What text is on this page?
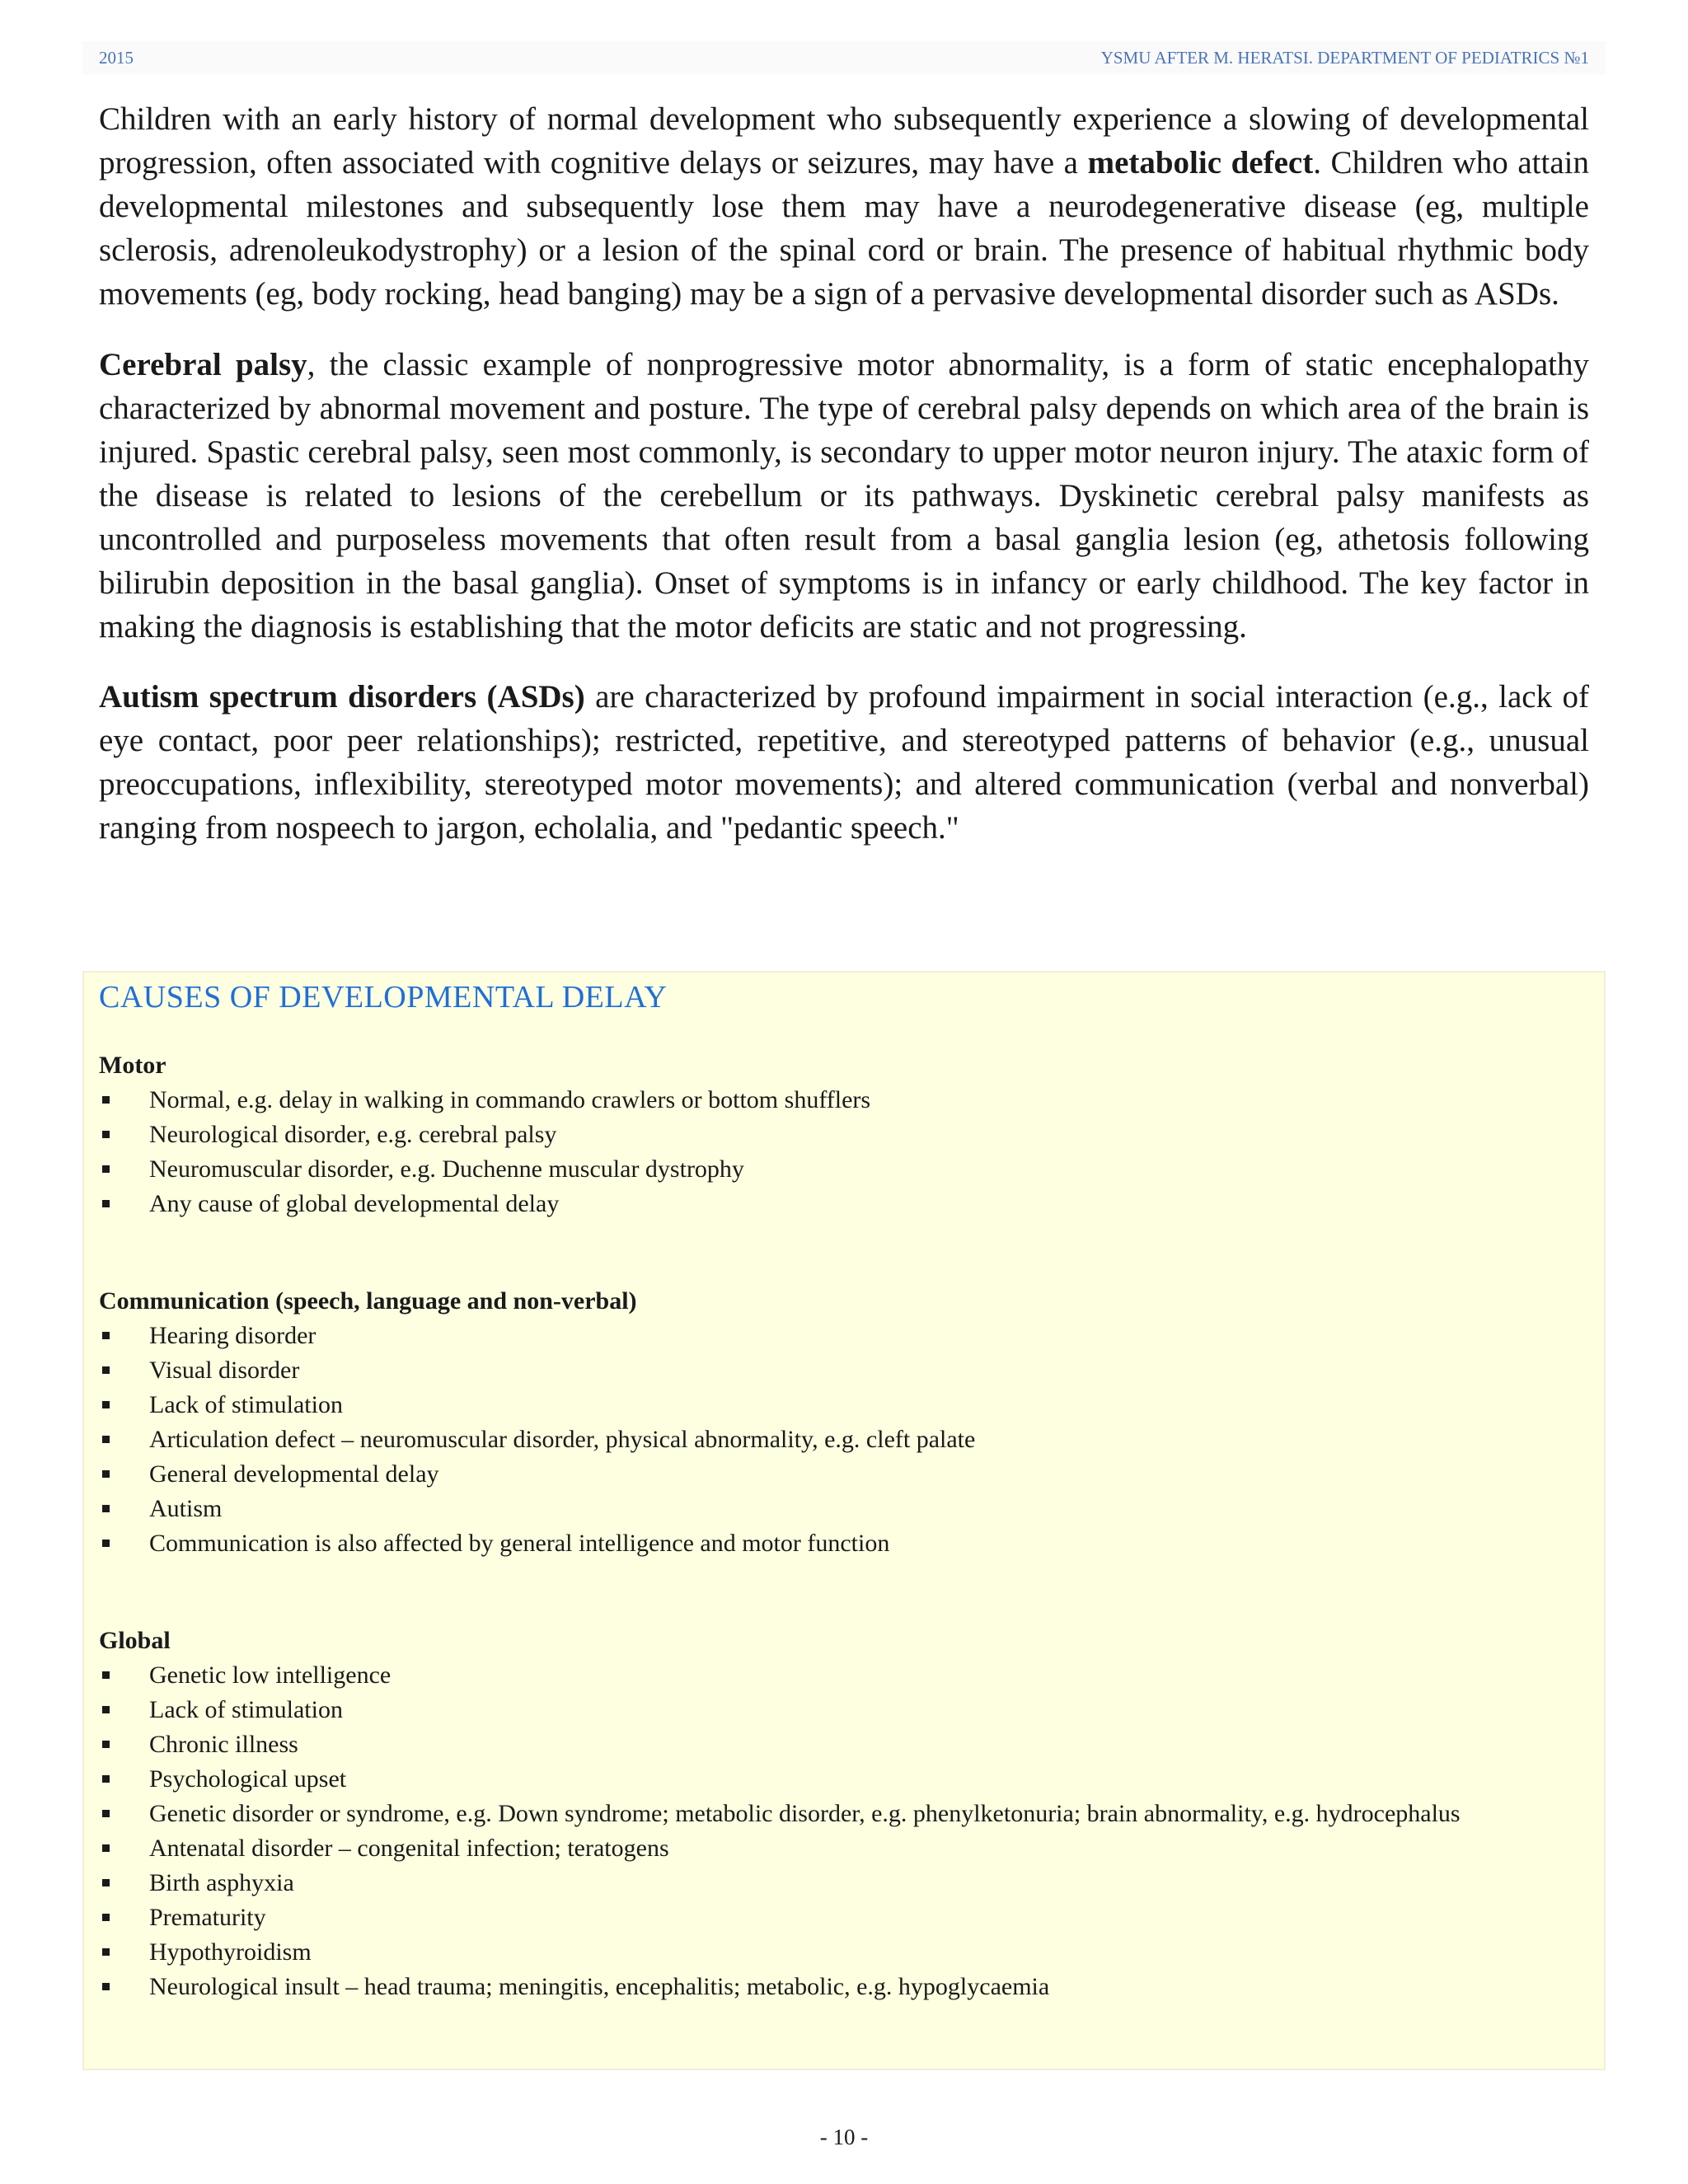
2015	YSMU AFTER M. HERATSI. DEPARTMENT OF PEDIATRICS №1

Children with an early history of normal development who subsequently experience a slowing of developmental progression, often associated with cognitive delays or seizures, may have a metabolic defect. Children who attain developmental milestones and subsequently lose them may have a neurodegenerative disease (eg, multiple sclerosis, adrenoleukodystrophy) or a lesion of the spinal cord or brain. The presence of habitual rhythmic body movements (eg, body rocking, head banging) may be a sign of a pervasive developmental disorder such as ASDs.

Cerebral palsy, the classic example of nonprogressive motor abnormality, is a form of static encephalopathy characterized by abnormal movement and posture. The type of cerebral palsy depends on which area of the brain is injured. Spastic cerebral palsy, seen most commonly, is secondary to upper motor neuron injury. The ataxic form of the disease is related to lesions of the cerebellum or its pathways. Dyskinetic cerebral palsy manifests as uncontrolled and purposeless movements that often result from a basal ganglia lesion (eg, athetosis following bilirubin deposition in the basal ganglia). Onset of symptoms is in infancy or early childhood. The key factor in making the diagnosis is establishing that the motor deficits are static and not progressing.

Autism spectrum disorders (ASDs) are characterized by profound impairment in social interaction (e.g., lack of eye contact, poor peer relationships); restricted, repetitive, and stereotyped patterns of behavior (e.g., unusual preoccupations, inflexibility, stereotyped motor movements); and altered communication (verbal and nonverbal) ranging from nospeech to jargon, echolalia, and "pedantic speech."

CAUSES OF DEVELOPMENTAL DELAY
Motor
Normal, e.g. delay in walking in commando crawlers or bottom shufflers
Neurological disorder, e.g. cerebral palsy
Neuromuscular disorder, e.g. Duchenne muscular dystrophy
Any cause of global developmental delay
Communication (speech, language and non-verbal)
Hearing disorder
Visual disorder
Lack of stimulation
Articulation defect – neuromuscular disorder, physical abnormality, e.g. cleft palate
General developmental delay
Autism
Communication is also affected by general intelligence and motor function
Global
Genetic low intelligence
Lack of stimulation
Chronic illness
Psychological upset
Genetic disorder or syndrome, e.g. Down syndrome; metabolic disorder, e.g. phenylketonuria; brain abnormality, e.g. hydrocephalus
Antenatal disorder – congenital infection; teratogens
Birth asphyxia
Prematurity
Hypothyroidism
Neurological insult – head trauma; meningitis, encephalitis; metabolic, e.g. hypoglycaemia
- 10 -
